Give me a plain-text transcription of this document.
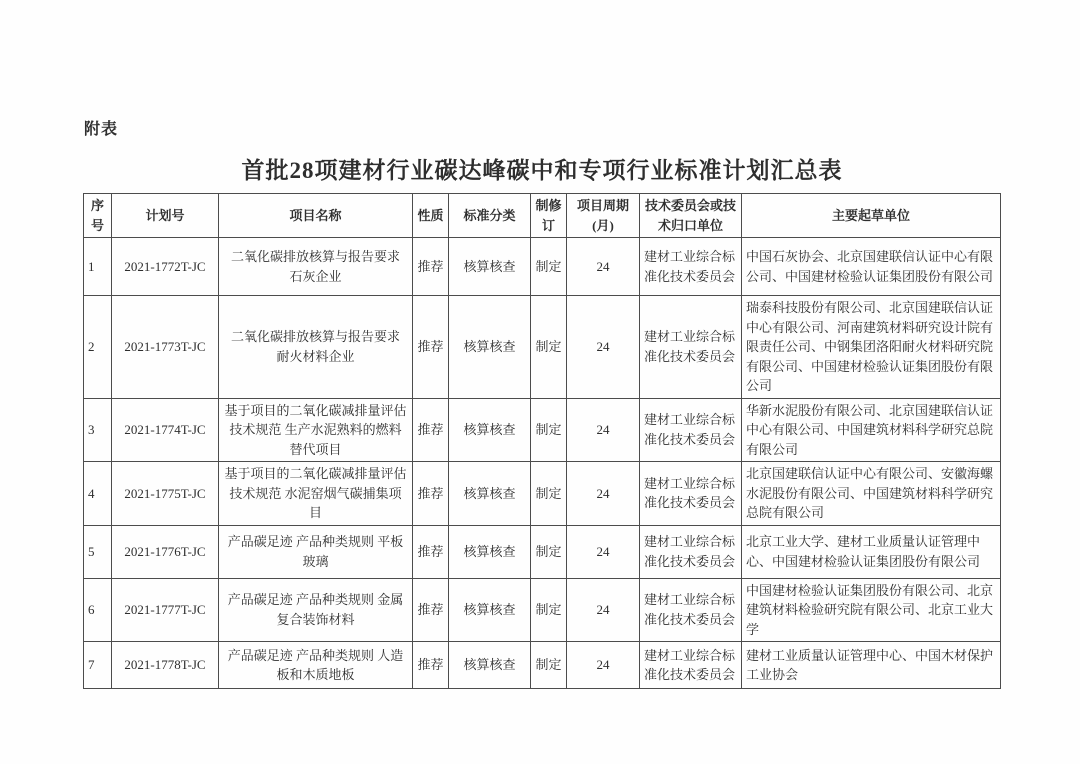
附表
首批28项建材行业碳达峰碳中和专项行业标准计划汇总表
序号	计划号	项目名称	性质	标准分类	制修订	项目周期(月)	技术委员会或技术归口单位	主要起草单位
1	2021-1772T-JC	二氧化碳排放核算与报告要求 石灰企业	推荐	核算核查	制定	24	建材工业综合标准化技术委员会	中国石灰协会、北京国建联信认证中心有限公司、中国建材检验认证集团股份有限公司
2	2021-1773T-JC	二氧化碳排放核算与报告要求 耐火材料企业	推荐	核算核查	制定	24	建材工业综合标准化技术委员会	瑞泰科技股份有限公司、北京国建联信认证中心有限公司、河南建筑材料研究设计院有限责任公司、中钢集团洛阳耐火材料研究院有限公司、中国建材检验认证集团股份有限公司
3	2021-1774T-JC	基于项目的二氧化碳减排量评估技术规范 生产水泥熟料的燃料替代项目	推荐	核算核查	制定	24	建材工业综合标准化技术委员会	华新水泥股份有限公司、北京国建联信认证中心有限公司、中国建筑材料科学研究总院有限公司
4	2021-1775T-JC	基于项目的二氧化碳减排量评估技术规范 水泥窑烟气碳捕集项目	推荐	核算核查	制定	24	建材工业综合标准化技术委员会	北京国建联信认证中心有限公司、安徽海螺水泥股份有限公司、中国建筑材料科学研究总院有限公司
5	2021-1776T-JC	产品碳足迹 产品种类规则 平板玻璃	推荐	核算核查	制定	24	建材工业综合标准化技术委员会	北京工业大学、建材工业质量认证管理中心、中国建材检验认证集团股份有限公司
6	2021-1777T-JC	产品碳足迹 产品种类规则 金属复合装饰材料	推荐	核算核查	制定	24	建材工业综合标准化技术委员会	中国建材检验认证集团股份有限公司、北京建筑材料检验研究院有限公司、北京工业大学
7	2021-1778T-JC	产品碳足迹 产品种类规则 人造板和木质地板	推荐	核算核查	制定	24	建材工业综合标准化技术委员会	建材工业质量认证管理中心、中国木材保护工业协会
